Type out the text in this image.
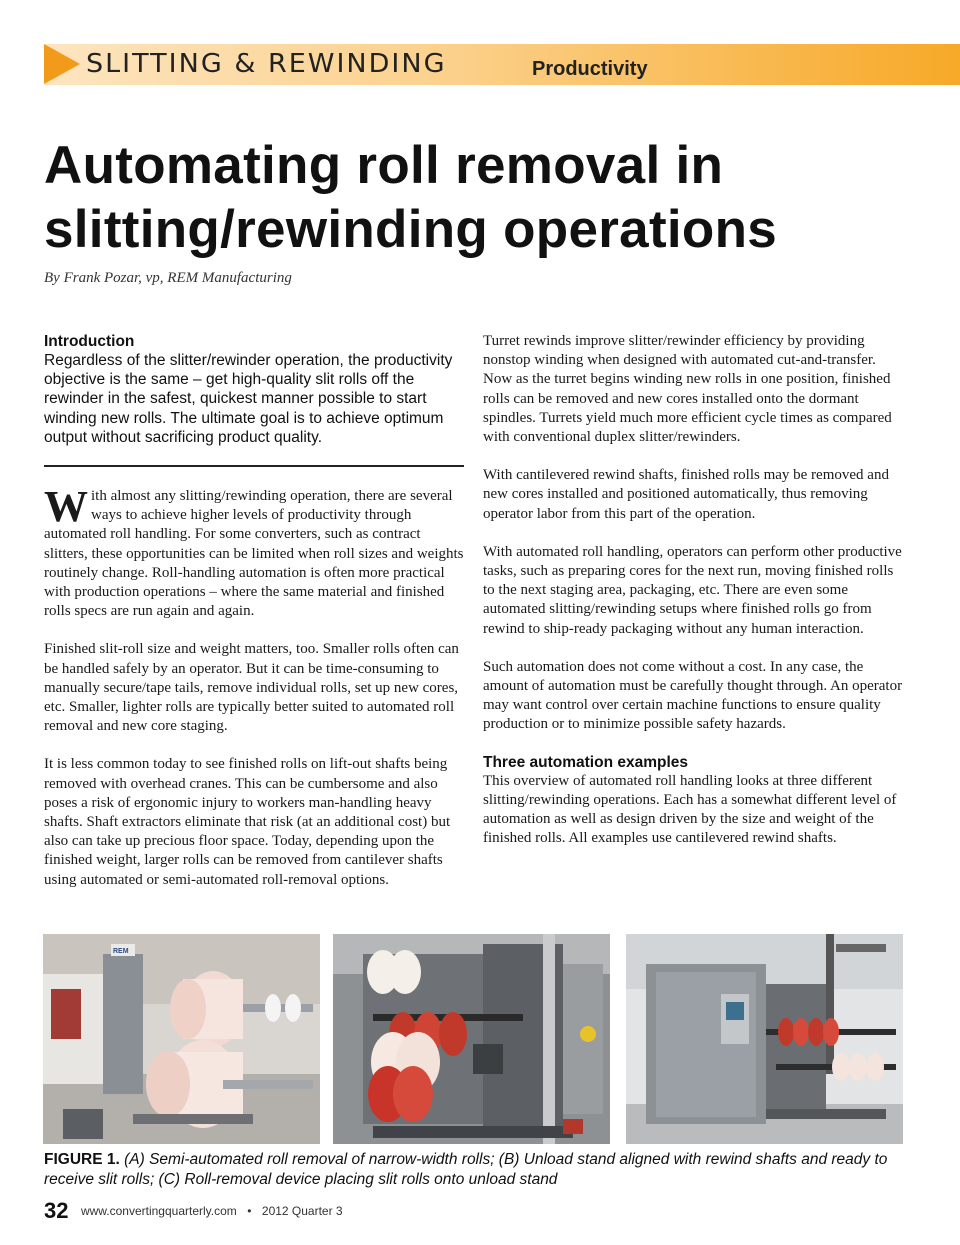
SLITTING & REWINDING	Productivity
Automating roll removal in
slitting/rewinding operations
By Frank Pozar, vp, REM Manufacturing
Introduction
Regardless of the slitter/rewinder operation, the productivity objective is the same – get high-quality slit rolls off the rewinder in the safest, quickest manner possible to start winding new rolls. The ultimate goal is to achieve optimum output without sacrificing product quality.

With almost any slitting/rewinding operation, there are several ways to achieve higher levels of productivity through automated roll handling. For some converters, such as contract slitters, these opportunities can be limited when roll sizes and weights routinely change. Roll-handling automation is often more practical with production operations – where the same material and finished rolls specs are run again and again.

Finished slit-roll size and weight matters, too. Smaller rolls often can be handled safely by an operator. But it can be time-consuming to manually secure/tape tails, remove individual rolls, set up new cores, etc. Smaller, lighter rolls are typically better suited to automated roll removal and new core staging.

It is less common today to see finished rolls on lift-out shafts being removed with overhead cranes. This can be cumbersome and also poses a risk of ergonomic injury to workers man-handling heavy shafts. Shaft extractors eliminate that risk (at an additional cost) but also can take up precious floor space. Today, depending upon the finished weight, larger rolls can be removed from cantilever shafts using automated or semi-automated roll-removal options.

Turret rewinds improve slitter/rewinder efficiency by providing nonstop winding when designed with automated cut-and-transfer. Now as the turret begins winding new rolls in one position, finished rolls can be removed and new cores installed onto the dormant spindles. Turrets yield much more efficient cycle times as compared with conventional duplex slitter/rewinders.

With cantilevered rewind shafts, finished rolls may be removed and new cores installed and positioned automatically, thus removing operator labor from this part of the operation.

With automated roll handling, operators can perform other productive tasks, such as preparing cores for the next run, moving finished rolls to the next staging area, packaging, etc. There are even some automated slitting/rewinding setups where finished rolls go from rewind to ship-ready packaging without any human interaction.

Such automation does not come without a cost. In any case, the amount of automation must be carefully thought through. An operator may want control over certain machine functions to ensure quality production or to minimize possible safety hazards.

Three automation examples

This overview of automated roll handling looks at three different slitting/rewinding operations. Each has a somewhat different level of automation as well as design driven by the size and weight of the finished rolls. All examples use cantilevered rewind shafts.

REM
FIGURE 1. (A) Semi-automated roll removal of narrow-width rolls; (B) Unload stand aligned with rewind shafts and ready to receive slit rolls; (C) Roll-removal device placing slit rolls onto unload stand
32 www.convertingquarterly.com • 2012 Quarter 3
